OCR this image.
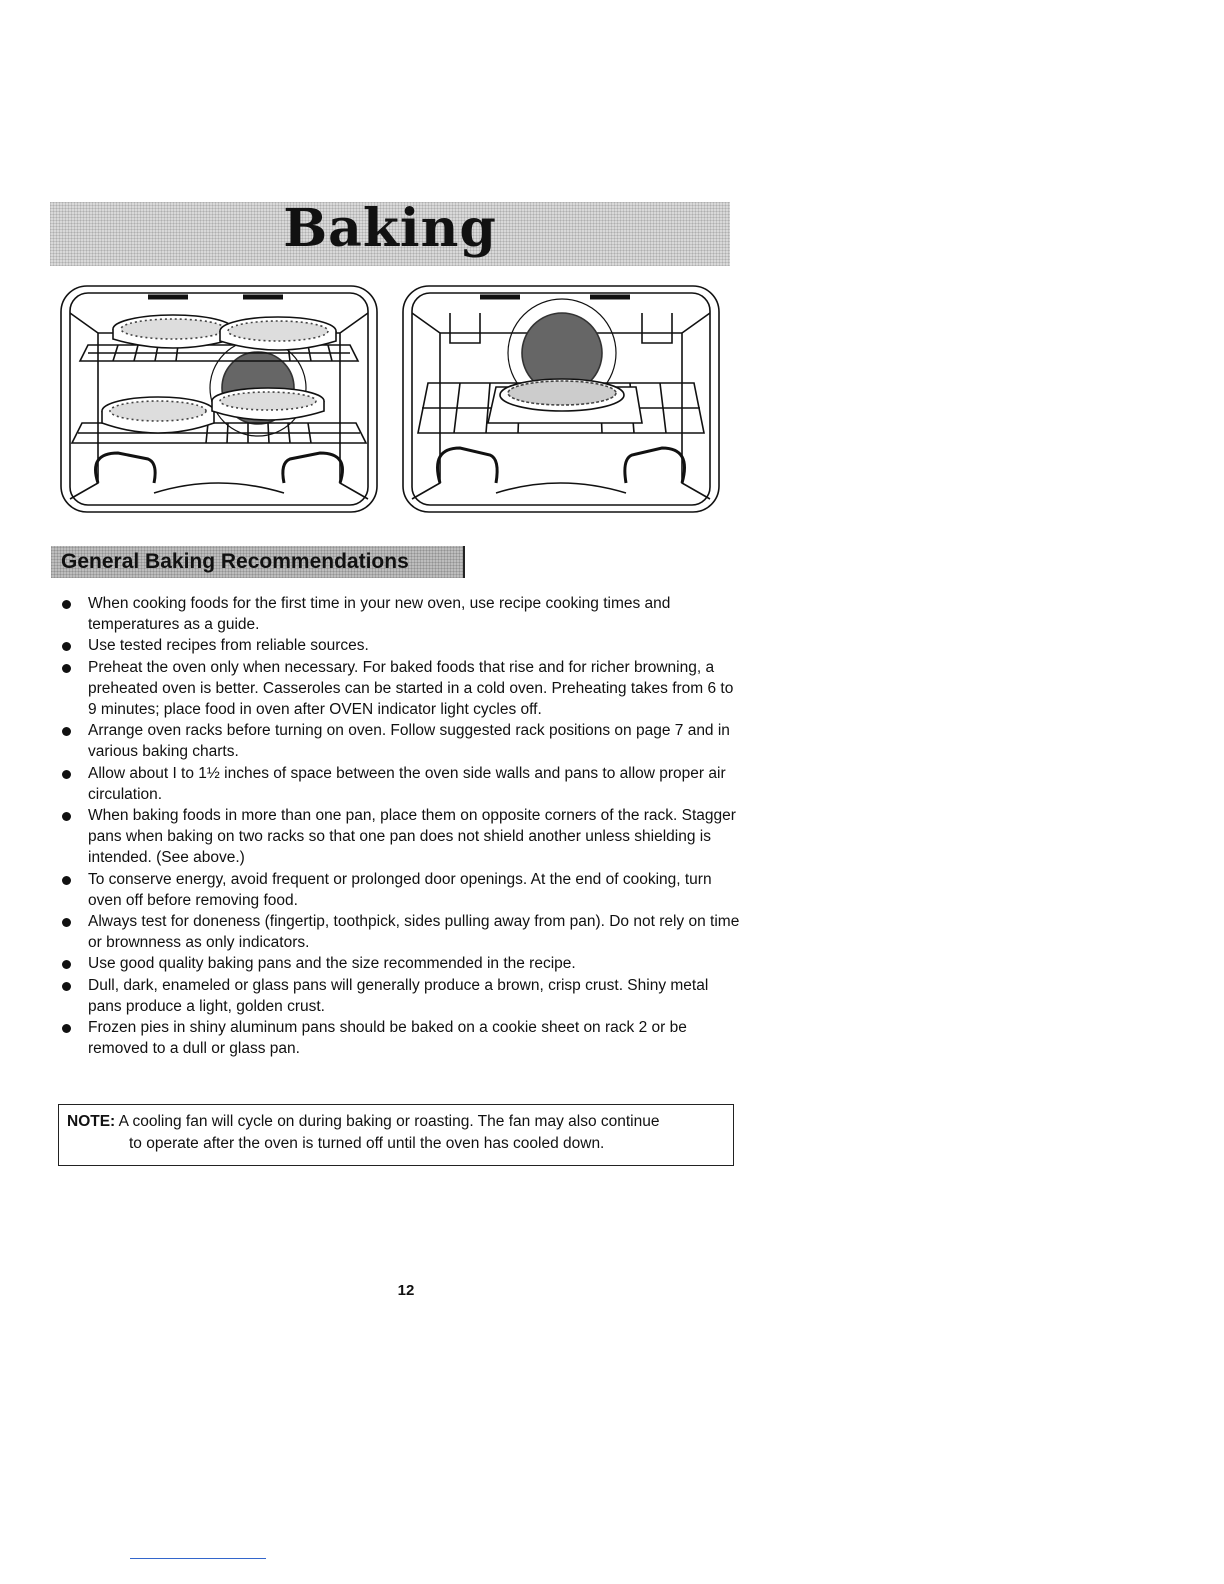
Baking
General Baking Recommendations
When cooking foods for the first time in your new oven, use recipe cooking times and temperatures as a guide.
Use tested recipes from reliable sources.
Preheat the oven only when necessary. For baked foods that rise and for richer browning, a preheated oven is better. Casseroles can be started in a cold oven. Preheating takes from 6 to 9 minutes; place food in oven after OVEN indicator light cycles off.
Arrange oven racks before turning on oven. Follow suggested rack positions on page 7 and in various baking charts.
Allow about I to 1½ inches of space between the oven side walls and pans to allow proper air circulation.
When baking foods in more than one pan, place them on opposite corners of the rack. Stagger pans when baking on two racks so that one pan does not shield another unless shielding is intended. (See above.)
To conserve energy, avoid frequent or prolonged door openings. At the end of cooking, turn oven off before removing food.
Always test for doneness (fingertip, toothpick, sides pulling away from pan). Do not rely on time or brownness as only indicators.
Use good quality baking pans and the size recommended in the recipe.
Dull, dark, enameled or glass pans will generally produce a brown, crisp crust. Shiny metal pans produce a light, golden crust.
Frozen pies in shiny aluminum pans should be baked on a cookie sheet on rack 2 or be removed to a dull or glass pan.
NOTE: A cooling fan will cycle on during baking or roasting. The fan may also continue
to operate after the oven is turned off until the oven has cooled down.
12
